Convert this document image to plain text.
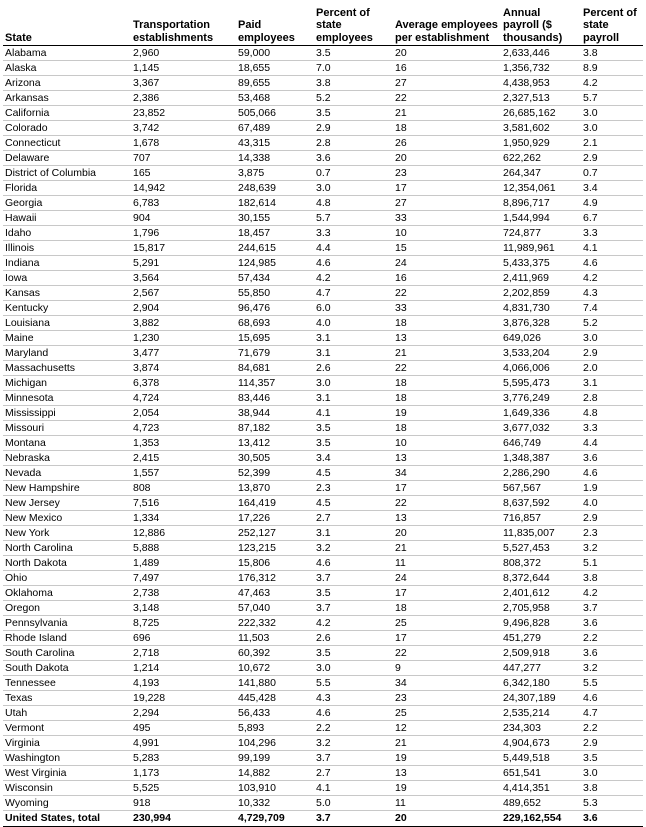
State	Transportation establishments	Paid employees	Percent of state employees	Average employees per establishment	Annual payroll ($ thousands)	Percent of state payroll
Alabama	2,960	59,000	3.5	20	2,633,446	3.8
Alaska	1,145	18,655	7.0	16	1,356,732	8.9
Arizona	3,367	89,655	3.8	27	4,438,953	4.2
Arkansas	2,386	53,468	5.2	22	2,327,513	5.7
California	23,852	505,066	3.5	21	26,685,162	3.0
Colorado	3,742	67,489	2.9	18	3,581,602	3.0
Connecticut	1,678	43,315	2.8	26	1,950,929	2.1
Delaware	707	14,338	3.6	20	622,262	2.9
District of Columbia	165	3,875	0.7	23	264,347	0.7
Florida	14,942	248,639	3.0	17	12,354,061	3.4
Georgia	6,783	182,614	4.8	27	8,896,717	4.9
Hawaii	904	30,155	5.7	33	1,544,994	6.7
Idaho	1,796	18,457	3.3	10	724,877	3.3
Illinois	15,817	244,615	4.4	15	11,989,961	4.1
Indiana	5,291	124,985	4.6	24	5,433,375	4.6
Iowa	3,564	57,434	4.2	16	2,411,969	4.2
Kansas	2,567	55,850	4.7	22	2,202,859	4.3
Kentucky	2,904	96,476	6.0	33	4,831,730	7.4
Louisiana	3,882	68,693	4.0	18	3,876,328	5.2
Maine	1,230	15,695	3.1	13	649,026	3.0
Maryland	3,477	71,679	3.1	21	3,533,204	2.9
Massachusetts	3,874	84,681	2.6	22	4,066,006	2.0
Michigan	6,378	114,357	3.0	18	5,595,473	3.1
Minnesota	4,724	83,446	3.1	18	3,776,249	2.8
Mississippi	2,054	38,944	4.1	19	1,649,336	4.8
Missouri	4,723	87,182	3.5	18	3,677,032	3.3
Montana	1,353	13,412	3.5	10	646,749	4.4
Nebraska	2,415	30,505	3.4	13	1,348,387	3.6
Nevada	1,557	52,399	4.5	34	2,286,290	4.6
New Hampshire	808	13,870	2.3	17	567,567	1.9
New Jersey	7,516	164,419	4.5	22	8,637,592	4.0
New Mexico	1,334	17,226	2.7	13	716,857	2.9
New York	12,886	252,127	3.1	20	11,835,007	2.3
North Carolina	5,888	123,215	3.2	21	5,527,453	3.2
North Dakota	1,489	15,806	4.6	11	808,372	5.1
Ohio	7,497	176,312	3.7	24	8,372,644	3.8
Oklahoma	2,738	47,463	3.5	17	2,401,612	4.2
Oregon	3,148	57,040	3.7	18	2,705,958	3.7
Pennsylvania	8,725	222,332	4.2	25	9,496,828	3.6
Rhode Island	696	11,503	2.6	17	451,279	2.2
South Carolina	2,718	60,392	3.5	22	2,509,918	3.6
South Dakota	1,214	10,672	3.0	9	447,277	3.2
Tennessee	4,193	141,880	5.5	34	6,342,180	5.5
Texas	19,228	445,428	4.3	23	24,307,189	4.6
Utah	2,294	56,433	4.6	25	2,535,214	4.7
Vermont	495	5,893	2.2	12	234,303	2.2
Virginia	4,991	104,296	3.2	21	4,904,673	2.9
Washington	5,283	99,199	3.7	19	5,449,518	3.5
West Virginia	1,173	14,882	2.7	13	651,541	3.0
Wisconsin	5,525	103,910	4.1	19	4,414,351	3.8
Wyoming	918	10,332	5.0	11	489,652	5.3
United States, total	230,994	4,729,709	3.7	20	229,162,554	3.6
